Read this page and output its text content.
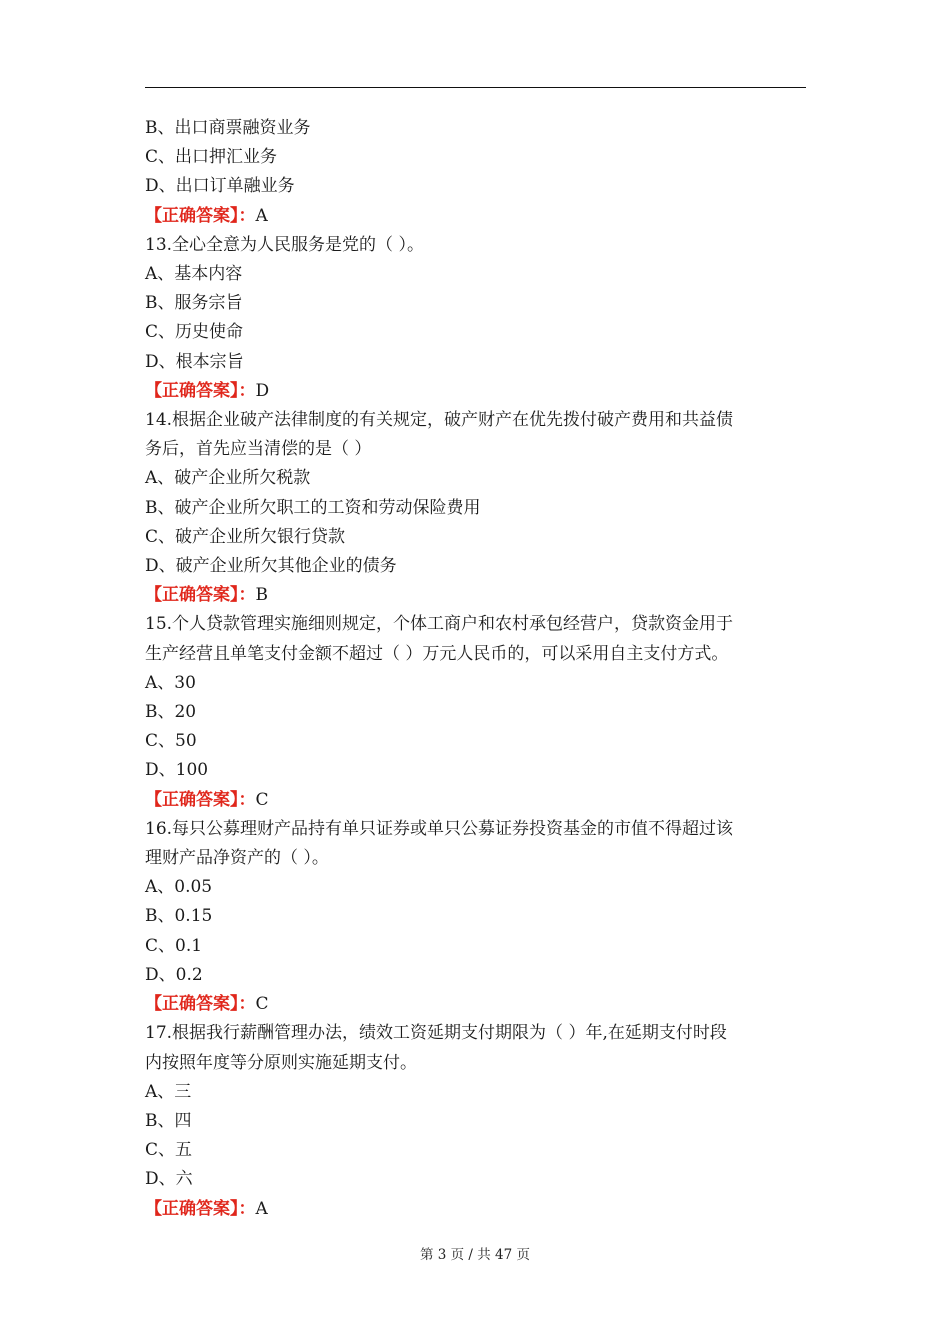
B、出口商票融资业务
C、出口押汇业务
D、出口订单融业务
【正确答案】：A
13.全心全意为人民服务是党的（ ）。
A、基本内容
B、服务宗旨
C、历史使命
D、根本宗旨
【正确答案】：D
14.根据企业破产法律制度的有关规定，破产财产在优先拨付破产费用和共益债
务后，首先应当清偿的是（ ）
A、破产企业所欠税款
B、破产企业所欠职工的工资和劳动保险费用
C、破产企业所欠银行贷款
D、破产企业所欠其他企业的债务
【正确答案】：B
15.个人贷款管理实施细则规定，个体工商户和农村承包经营户，贷款资金用于
生产经营且单笔支付金额不超过（ ）万元人民币的，可以采用自主支付方式。
A、30
B、20
C、50
D、100
【正确答案】：C
16.每只公募理财产品持有单只证券或单只公募证券投资基金的市值不得超过该
理财产品净资产的（ ）。
A、0.05
B、0.15
C、0.1
D、0.2
【正确答案】：C
17.根据我行薪酬管理办法，绩效工资延期支付期限为（ ）年,在延期支付时段
内按照年度等分原则实施延期支付。
A、三
B、四
C、五
D、六
【正确答案】：A
第 3 页 / 共 47 页
